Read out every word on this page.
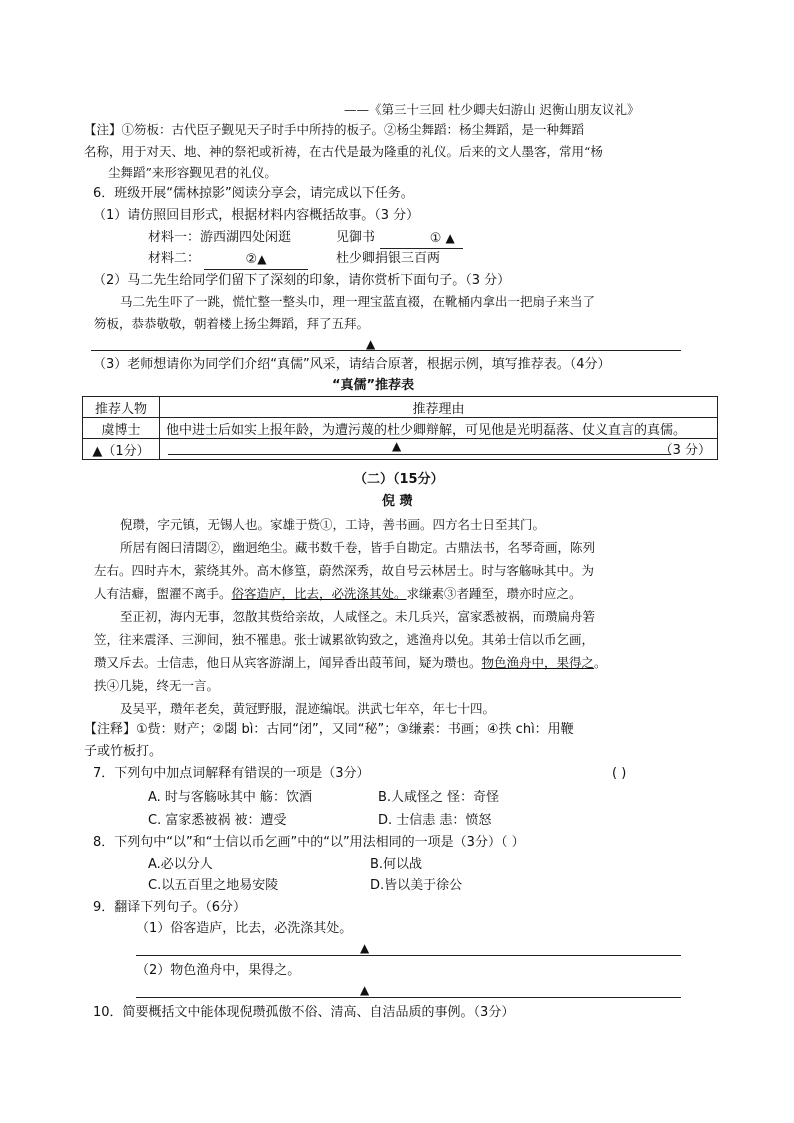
——《第三十三回 杜少卿夫妇游山 迟衡山朋友议礼》
【注】①笏板：古代臣子觐见天子时手中所持的板子。②杨尘舞蹈：杨尘舞蹈，是一种舞蹈
名称，用于对天、地、神的祭祀或祈祷，在古代是最为隆重的礼仪。后来的文人墨客，常用“杨
尘舞蹈”来形容觐见君的礼仪。
6．班级开展“儒林掠影”阅读分享会，请完成以下任务。
（1）请仿照回目形式，根据材料内容概括故事。（3 分）
材料一：游西湖四处闲逛	见御书	① ▲
材料二：	②▲	杜少卿捐银三百两
（2）马二先生给同学们留下了深刻的印象，请你赏析下面句子。（3 分）
马二先生吓了一跳，慌忙整一整头巾，理一理宝蓝直裰，在靴桶内拿出一把扇子来当了
笏板，恭恭敬敬，朝着楼上扬尘舞蹈，拜了五拜。
▲
（3）老师想请你为同学们介绍“真儒”风采，请结合原著，根据示例，填写推荐表。（4分）
“真儒”推荐表
推荐人物	推荐理由
虞博士	他中进士后如实上报年龄，为遭污蔑的杜少卿辩解，可见他是光明磊落、仗义直言的真儒。
▲（1分）	▲ （3 分）
（二）（15分）
倪 瓒
倪瓒，字元镇，无锡人也。家雄于赀①，工诗，善书画。四方名士日至其门。
所居有阁曰清閟②，幽迥绝尘。藏书数千卷，皆手自勘定。古鼎法书，名琴奇画，陈列
左右。四时卉木，萦绕其外。高木修篁，蔚然深秀，故自号云林居士。时与客觞咏其中。为
人有洁癖，盥濯不离手。俗客造庐，比去，必洗涤其处。求缣素③者踵至，瓒亦时应之。
至正初，海内无事，忽散其赀给亲故，人咸怪之。未几兵兴，富家悉被祸，而瓒扁舟箬
笠，往来震泽、三泖间，独不罹患。张士诚累欲钩致之，逃渔舟以免。其弟士信以币乞画，
瓒又斥去。士信恚，他日从宾客游湖上，闻异香出葭苇间，疑为瓒也。物色渔舟中，果得之。
抶④几毙，终无一言。
及吴平，瓒年老矣，黄冠野服，混迹编氓。洪武七年卒，年七十四。
【注释】①赀：财产；②閟 bì：古同“闭”，又同“秘”；③缣素：书画；④抶 chì：用鞭
子或竹板打。
7．下列句中加点词解释有错误的一项是（3分）	( )
A. 时与客觞咏其中 觞：饮酒	B.人咸怪之 怪：奇怪
C. 富家悉被祸 被：遭受	D. 士信恚 恚：愤怒
8．下列句中“以”和“士信以币乞画”中的“以”用法相同的一项是（3分）（ ）
A.必以分人	B.何以战
C.以五百里之地易安陵	D.皆以美于徐公
9．翻译下列句子。（6分）
（1）俗客造庐，比去，必洗涤其处。
▲
（2）物色渔舟中，果得之。
▲
10．简要概括文中能体现倪瓒孤傲不俗、清高、自洁品质的事例。（3分）
